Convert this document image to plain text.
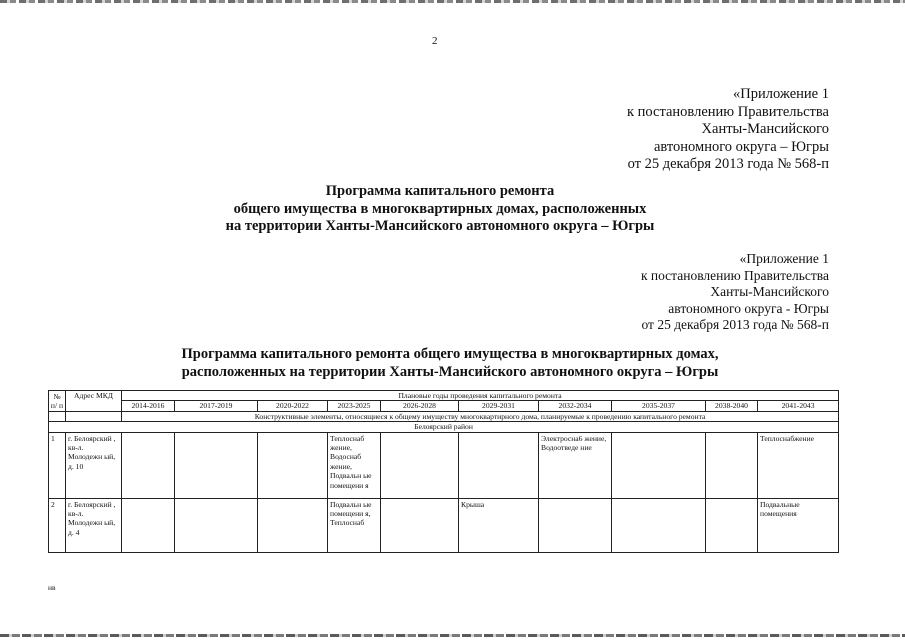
2
«Приложение 1
к постановлению Правительства
Ханты-Мансийского
автономного округа – Югры
от 25 декабря 2013 года № 568-п
Программа капитального ремонта
общего имущества в многоквартирных домах, расположенных
на территории Ханты-Мансийского автономного округа – Югры
«Приложение 1
к постановлению Правительства
Ханты-Мансийского
автономного округа - Югры
от 25 декабря 2013 года № 568-п
Программа капитального ремонта общего имущества в многоквартирных домах,
расположенных на территории Ханты-Мансийского автономного округа – Югры
№ п/ п	Адрес МКД	Плановые годы проведения капитального ремонта									
		2014-2016	2017-2019	2020-2022	2023-2025	2026-2028	2029-2031	2032-2034	2035-2037	2038-2040	2041-2043
		Конструктивные элементы, относящиеся к общему имуществу многоквартирного дома, планируемые к проведению капитального ремонта									
Белоярский район											
1	г. Белоярский , кв-л. Молодежн ый, д. 10				Теплоснаб жение, Водоснаб жение, Подвальн ые помещени я			Электросна6 жение, Водоотведе ние			Теплоснабжение
2	г. Белоярский , кв-л. Молодежн ый, д. 4				Подвальн ые помещени я, Теплоснаб		Крыша				Подвальные помещения
нв
